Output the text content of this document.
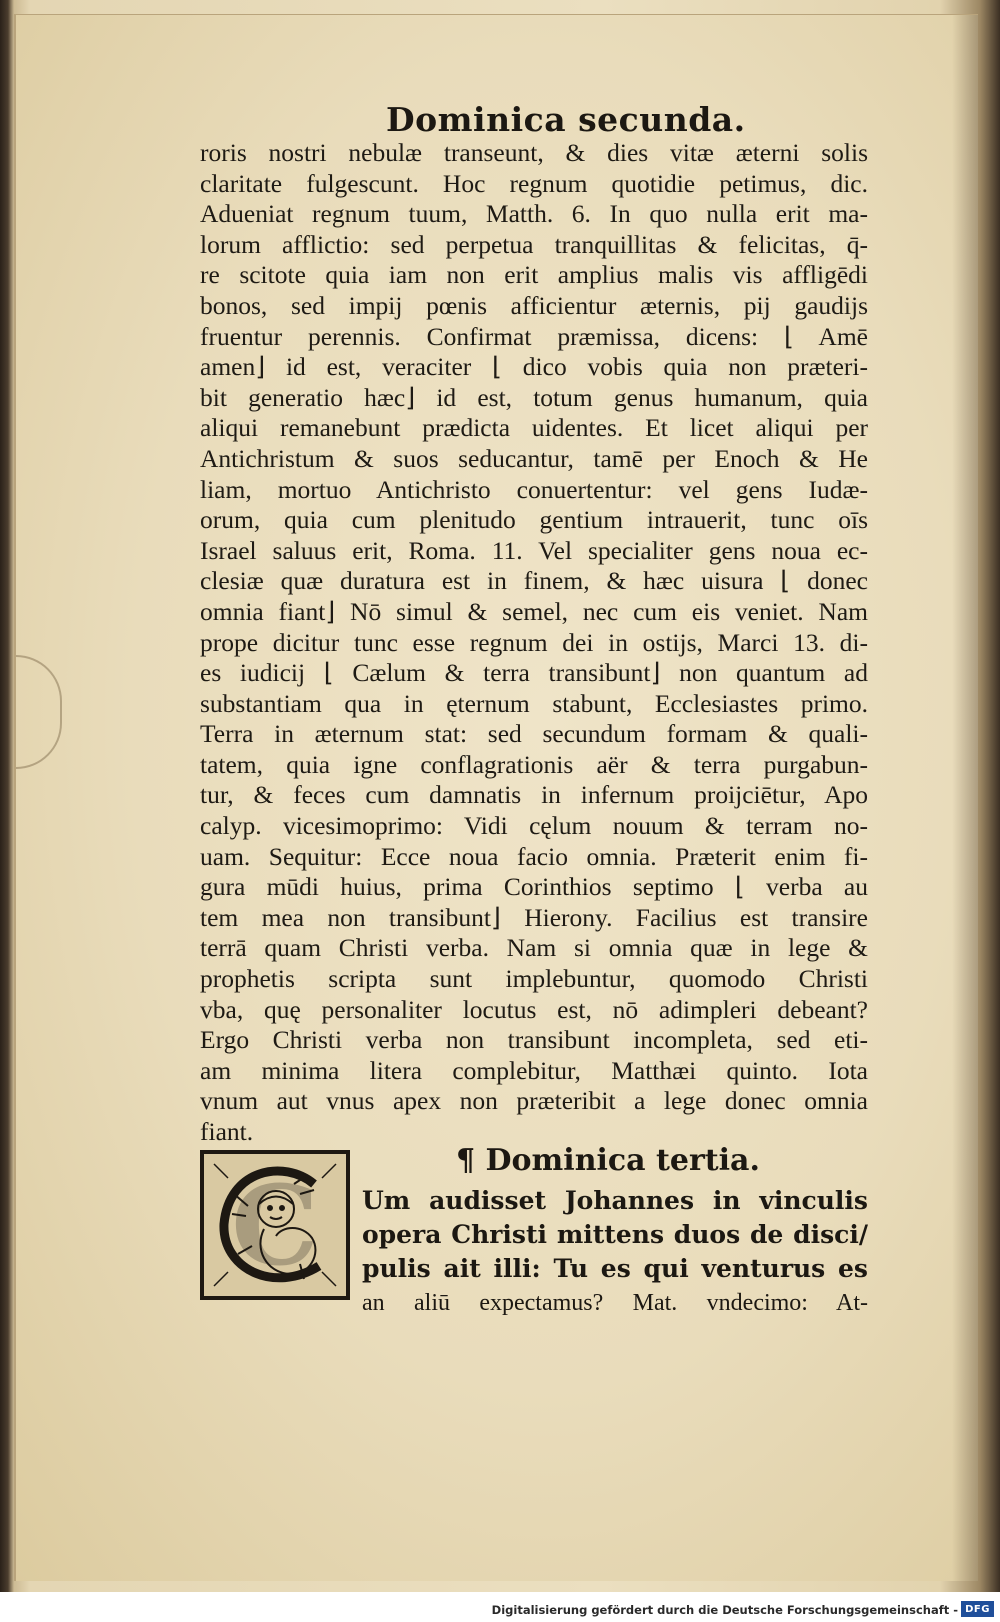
Dominica secunda.
roris nostri nebulæ transeunt, & dies vitæ æterni solis
claritate fulgescunt. Hoc regnum quotidie petimus, dic.
Adueniat regnum tuum, Matth. 6. In quo nulla erit ma-
lorum afflictio: sed perpetua tranquillitas & felicitas, q̄-
re scitote quia iam non erit amplius malis vis affligēdi
bonos, sed impij pœnis afficientur æternis, pij gaudijs
fruentur perennis. Confirmat præmissa, dicens: ⌊ Amē
amen⌋ id est, veraciter ⌊ dico vobis quia non præteri-
bit generatio hæc⌋ id est, totum genus humanum, quia
aliqui remanebunt prædicta uidentes. Et licet aliqui per
Antichristum & suos seducantur, tamē per Enoch & He
liam, mortuo Antichristo conuertentur: vel gens Iudæ-
orum, quia cum plenitudo gentium intrauerit, tunc oīs
Israel saluus erit, Roma. 11. Vel specialiter gens noua ec-
clesiæ quæ duratura est in finem, & hæc uisura ⌊ donec
omnia fiant⌋ Nō simul & semel, nec cum eis veniet. Nam
prope dicitur tunc esse regnum dei in ostijs, Marci 13. di-
es iudicij ⌊ Cælum & terra transibunt⌋ non quantum ad
substantiam qua in ęternum stabunt, Ecclesiastes primo.
Terra in æternum stat: sed secundum formam & quali-
tatem, quia igne conflagrationis aër & terra purgabun-
tur, & feces cum damnatis in infernum proijciētur, Apo
calyp. vicesimoprimo: Vidi cęlum nouum & terram no-
uam. Sequitur: Ecce noua facio omnia. Præterit enim fi-
gura mūdi huius, prima Corinthios septimo ⌊ verba au
tem mea non transibunt⌋ Hierony. Facilius est transire
terrā quam Christi verba. Nam si omnia quæ in lege &
prophetis scripta sunt implebuntur, quomodo Christi
vba, quę personaliter locutus est, nō adimpleri debeant?
Ergo Christi verba non transibunt incompleta, sed eti-
am minima litera complebitur, Matthæi quinto. Iota
vnum aut vnus apex non præteribit a lege donec omnia
fiant.
¶ Dominica tertia.
C	Um audisset Johannes in vinculis
opera Christi mittens duos de disci/
pulis ait illi: Tu es qui venturus es
an aliū expectamus? Mat. vndecimo: At-
Digitalisierung gefördert durch die Deutsche Forschungsgemeinschaft - DFG
